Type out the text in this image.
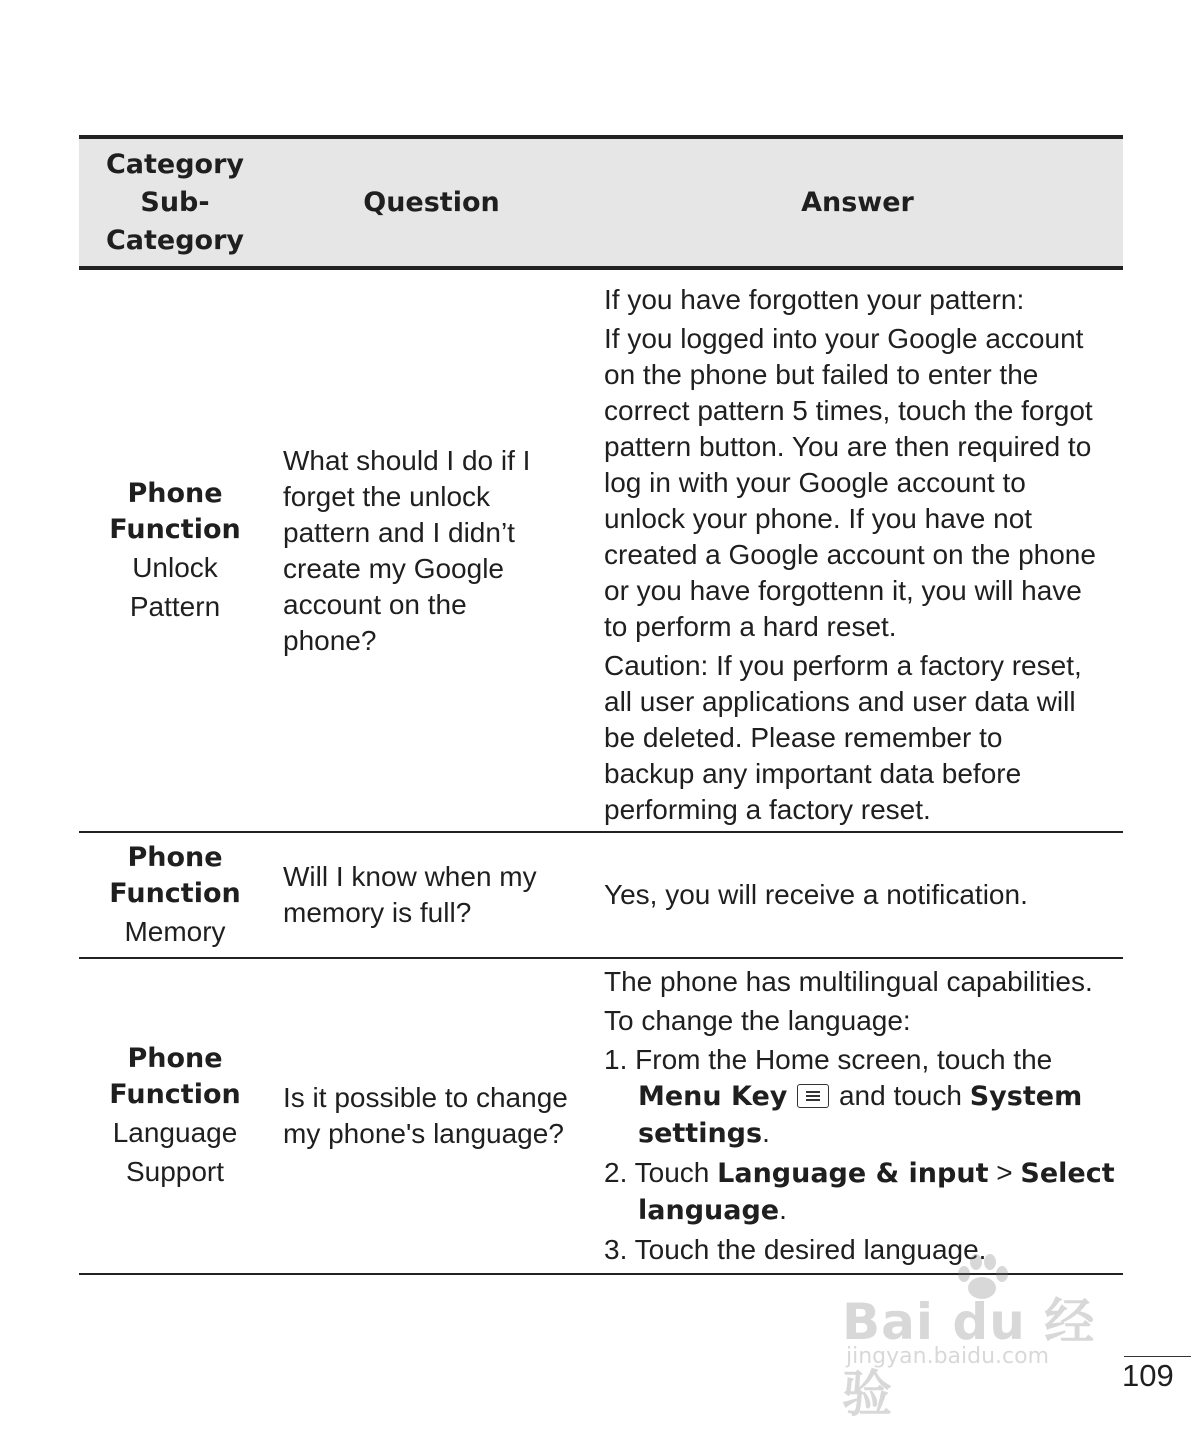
Category
Sub-
Category
Question	Answer
Phone
Function
Unlock
Pattern
What should I do if I forget the unlock pattern and I didn’t create my Google account on the phone?

If you have forgotten your pattern:

If you logged into your Google account on the phone but failed to enter the correct pattern 5 times, touch the forgot pattern button. You are then required to log in with your Google account to unlock your phone. If you have not created a Google account on the phone or you have forgottenn it, you will have to perform a hard reset.

Caution: If you perform a factory reset, all user applications and user data will be deleted. Please remember to backup any important data before performing a factory reset.

Phone
Function
Memory
Will I know when my memory is full?

Yes, you will receive a notification.

Phone
Function
Language
Support
Is it possible to change my phone's language?

The phone has multilingual capabilities.

To change the language:

1. From the Home screen, touch the Menu Key
and touch System settings.

2. Touch Language & input > Select language.

3. Touch the desired language.

Bai du 经验
jingyan.baidu.com
109
